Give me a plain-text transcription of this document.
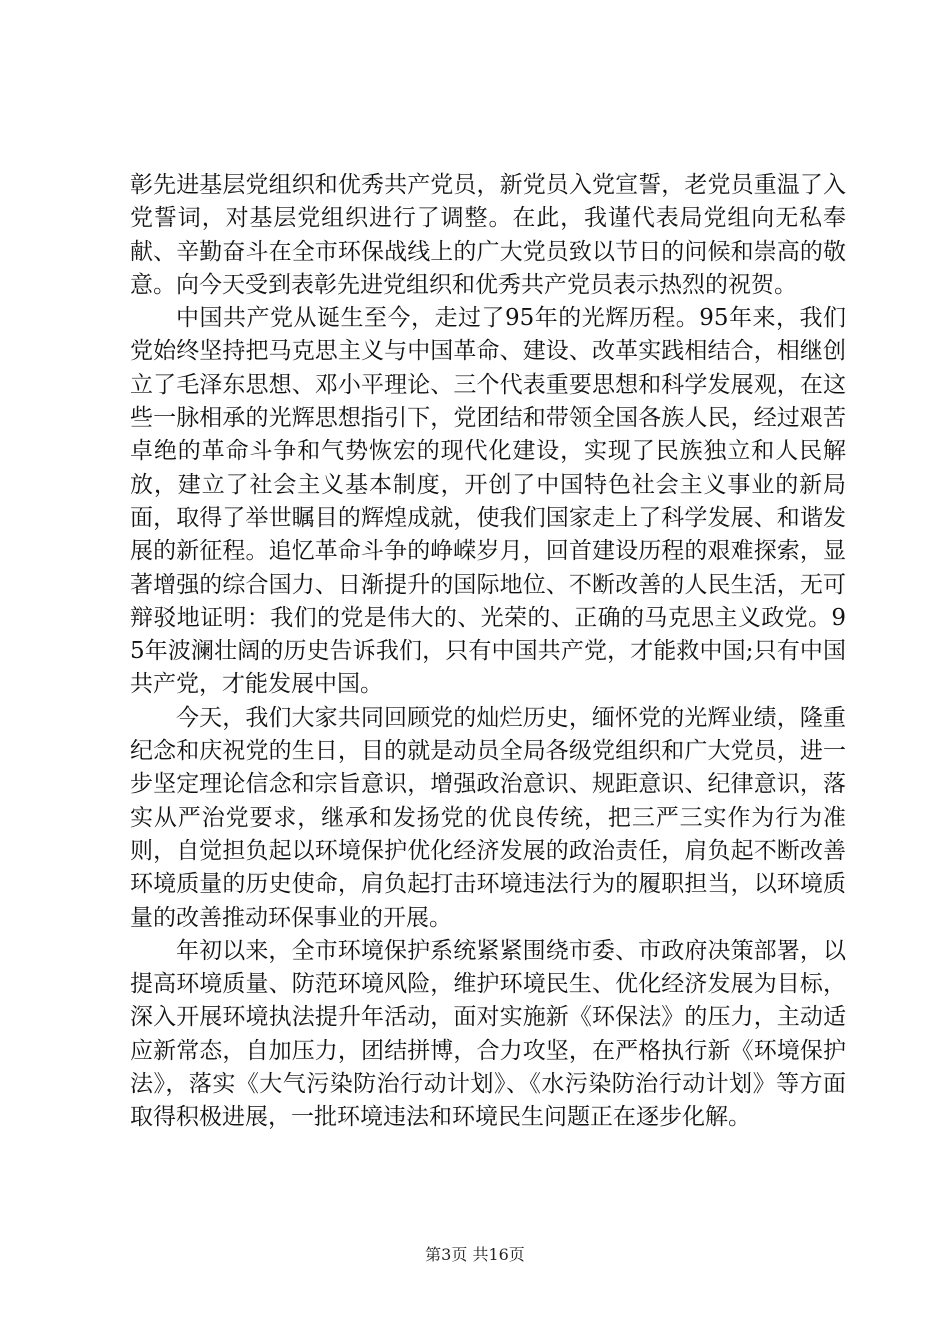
彰先进基层党组织和优秀共产党员，新党员入党宣誓，老党员重温了入党誓词，对基层党组织进行了调整。在此，我谨代表局党组向无私奉献、辛勤奋斗在全市环保战线上的广大党员致以节日的问候和崇高的敬意。向今天受到表彰先进党组织和优秀共产党员表示热烈的祝贺。

中国共产党从诞生至今，走过了95年的光辉历程。95年来，我们党始终坚持把马克思主义与中国革命、建设、改革实践相结合，相继创立了毛泽东思想、邓小平理论、三个代表重要思想和科学发展观，在这些一脉相承的光辉思想指引下，党团结和带领全国各族人民，经过艰苦卓绝的革命斗争和气势恢宏的现代化建设，实现了民族独立和人民解放，建立了社会主义基本制度，开创了中国特色社会主义事业的新局面，取得了举世瞩目的辉煌成就，使我们国家走上了科学发展、和谐发展的新征程。追忆革命斗争的峥嵘岁月，回首建设历程的艰难探索，显著增强的综合国力、日渐提升的国际地位、不断改善的人民生活，无可辩驳地证明：我们的党是伟大的、光荣的、正确的马克思主义政党。95年波澜壮阔的历史告诉我们，只有中国共产党，才能救中国;只有中国共产党，才能发展中国。

今天，我们大家共同回顾党的灿烂历史，缅怀党的光辉业绩，隆重纪念和庆祝党的生日，目的就是动员全局各级党组织和广大党员，进一步坚定理论信念和宗旨意识，增强政治意识、规距意识、纪律意识，落实从严治党要求，继承和发扬党的优良传统，把三严三实作为行为准则，自觉担负起以环境保护优化经济发展的政治责任，肩负起不断改善环境质量的历史使命，肩负起打击环境违法行为的履职担当，以环境质量的改善推动环保事业的开展。

年初以来，全市环境保护系统紧紧围绕市委、市政府决策部署，以提高环境质量、防范环境风险，维护环境民生、优化经济发展为目标，深入开展环境执法提升年活动，面对实施新《环保法》的压力，主动适应新常态，自加压力，团结拼博，合力攻坚，在严格执行新《环境保护法》，落实《大气污染防治行动计划》、《水污染防治行动计划》等方面取得积极进展，一批环境违法和环境民生问题正在逐步化解。

第3页 共16页
